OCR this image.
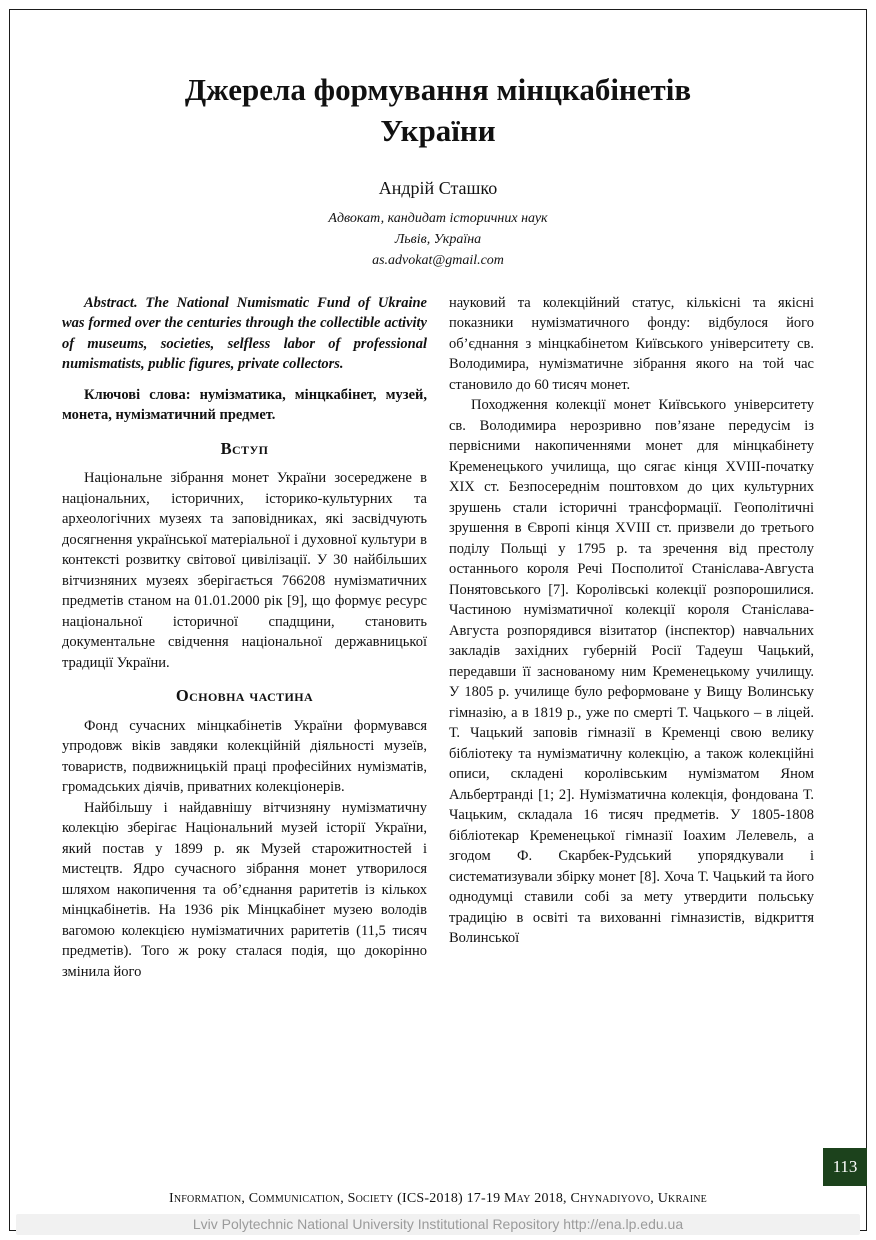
Джерела формування мінцкабінетів України
Андрій Сташко
Адвокат, кандидат історичних наук
Львів, Україна
as.advokat@gmail.com

Abstract. The National Numismatic Fund of Ukraine was formed over the centuries through the collectible activity of museums, societies, selfless labor of professional numismatists, public figures, private collectors.

Ключові слова: нумізматика, мінцкабінет, музей, монета, нумізматичний предмет.

Вступ

Національне зібрання монет України зосереджене в національних, історичних, історико-культурних та археологічних музеях та заповідниках, які засвідчують досягнення української матеріальної і духовної культури в контексті розвитку світової цивілізації. У 30 найбільших вітчизняних музеях зберігається 766208 нумізматичних предметів станом на 01.01.2000 рік [9], що формує ресурс національної історичної спадщини, становить документальне свідчення національної державницької традиції України.

Основна частина

Фонд сучасних мінцкабінетів України формувався упродовж віків завдяки колекційній діяльності музеїв, товариств, подвижницькій праці професійних нумізматів, громадських діячів, приватних колекціонерів.

Найбільшу і найдавнішу вітчизняну нумізматичну колекцію зберігає Національний музей історії України, який постав у 1899 р. як Музей старожитностей і мистецтв. Ядро сучасного зібрання монет утворилося шляхом накопичення та об’єднання раритетів із кількох мінцкабінетів. На 1936 рік Мінцкабінет музею володів вагомою колекцією нумізматичних раритетів (11,5 тисяч предметів). Того ж року сталася подія, що докорінно змінила його

науковий та колекційний статус, кількісні та якісні показники нумізматичного фонду: відбулося його об’єднання з мінцкабінетом Київського університету св. Володимира, нумізматичне зібрання якого на той час становило до 60 тисяч монет.

Походження колекції монет Київського університету св. Володимира нерозривно пов’язане передусім із первісними накопиченнями монет для мінцкабінету Кременецького училища, що сягає кінця XVIII-початку XIX ст. Безпосереднім поштовхом до цих культурних зрушень стали історичні трансформації. Геополітичні зрушення в Європі кінця XVIII ст. призвели до третього поділу Польщі у 1795 р. та зречення від престолу останнього короля Речі Посполитої Станіслава-Августа Понятовського [7]. Королівські колекції розпорошилися. Частиною нумізматичної колекції короля Станіслава-Августа розпорядився візитатор (інспектор) навчальних закладів західних губерній Росії Тадеуш Чацький, передавши її заснованому ним Кременецькому училищу. У 1805 р. училище було реформоване у Вищу Волинську гімназію, а в 1819 р., уже по смерті Т. Чацького – в ліцей. Т. Чацький заповів гімназії в Кременці свою велику бібліотеку та нумізматичну колекцію, а також колекційні описи, складені королівським нумізматом Яном Альбертранді [1; 2]. Нумізматична колекція, фондована Т. Чацьким, складала 16 тисяч предметів. У 1805-1808 бібліотекар Кременецької гімназії Іоахим Лелевель, а згодом Ф. Скарбек-Рудський упорядкували і систематизували збірку монет [8]. Хоча Т. Чацький та його однодумці ставили собі за мету утвердити польську традицію в освіті та вихованні гімназистів, відкриття Волинської

113
Information, Communication, Society (ICS-2018) 17-19 May 2018, Chynadiyovo, Ukraine
Lviv Polytechnic National University Institutional Repository http://ena.lp.edu.ua
